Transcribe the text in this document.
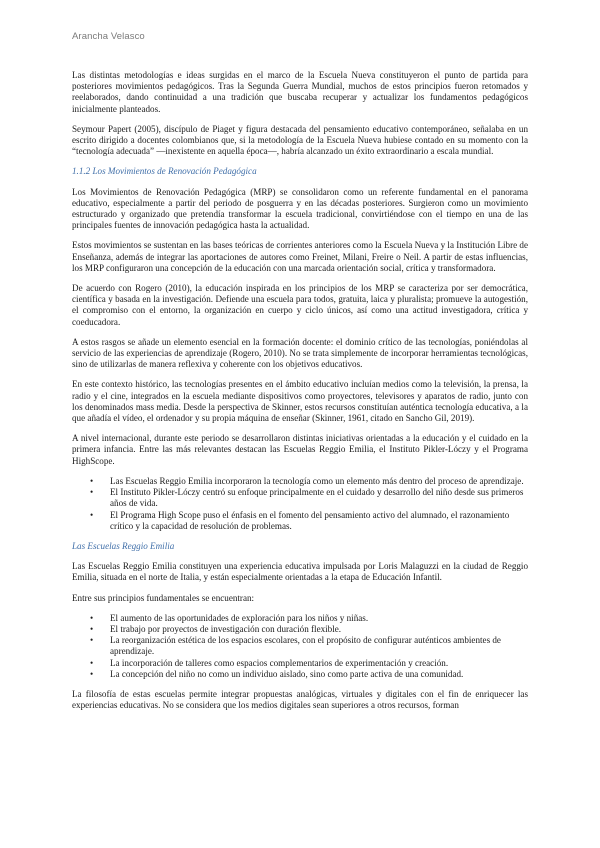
Arancha Velasco

Las distintas metodologías e ideas surgidas en el marco de la Escuela Nueva constituyeron el punto de partida para posteriores movimientos pedagógicos. Tras la Segunda Guerra Mundial, muchos de estos principios fueron retomados y reelaborados, dando continuidad a una tradición que buscaba recuperar y actualizar los fundamentos pedagógicos inicialmente planteados.

Seymour Papert (2005), discípulo de Piaget y figura destacada del pensamiento educativo contemporáneo, señalaba en un escrito dirigido a docentes colombianos que, si la metodología de la Escuela Nueva hubiese contado en su momento con la “tecnología adecuada” —inexistente en aquella época—, habría alcanzado un éxito extraordinario a escala mundial.

1.1.2 Los Movimientos de Renovación Pedagógica

Los Movimientos de Renovación Pedagógica (MRP) se consolidaron como un referente fundamental en el panorama educativo, especialmente a partir del periodo de posguerra y en las décadas posteriores. Surgieron como un movimiento estructurado y organizado que pretendía transformar la escuela tradicional, convirtiéndose con el tiempo en una de las principales fuentes de innovación pedagógica hasta la actualidad.

Estos movimientos se sustentan en las bases teóricas de corrientes anteriores como la Escuela Nueva y la Institución Libre de Enseñanza, además de integrar las aportaciones de autores como Freinet, Milani, Freire o Neil. A partir de estas influencias, los MRP configuraron una concepción de la educación con una marcada orientación social, crítica y transformadora.

De acuerdo con Rogero (2010), la educación inspirada en los principios de los MRP se caracteriza por ser democrática, científica y basada en la investigación. Defiende una escuela para todos, gratuita, laica y pluralista; promueve la autogestión, el compromiso con el entorno, la organización en cuerpo y ciclo únicos, así como una actitud investigadora, crítica y coeducadora.

A estos rasgos se añade un elemento esencial en la formación docente: el dominio crítico de las tecnologías, poniéndolas al servicio de las experiencias de aprendizaje (Rogero, 2010). No se trata simplemente de incorporar herramientas tecnológicas, sino de utilizarlas de manera reflexiva y coherente con los objetivos educativos.

En este contexto histórico, las tecnologías presentes en el ámbito educativo incluían medios como la televisión, la prensa, la radio y el cine, integrados en la escuela mediante dispositivos como proyectores, televisores y aparatos de radio, junto con los denominados mass media. Desde la perspectiva de Skinner, estos recursos constituían auténtica tecnología educativa, a la que añadía el vídeo, el ordenador y su propia máquina de enseñar (Skinner, 1961, citado en Sancho Gil, 2019).

A nivel internacional, durante este periodo se desarrollaron distintas iniciativas orientadas a la educación y el cuidado en la primera infancia. Entre las más relevantes destacan las Escuelas Reggio Emilia, el Instituto Pikler-Lóczy y el Programa HighScope.

• Las Escuelas Reggio Emilia incorporaron la tecnología como un elemento más dentro del proceso de aprendizaje.
• El Instituto Pikler-Lóczy centró su enfoque principalmente en el cuidado y desarrollo del niño desde sus primeros años de vida.
• El Programa High Scope puso el énfasis en el fomento del pensamiento activo del alumnado, el razonamiento crítico y la capacidad de resolución de problemas.
Las Escuelas Reggio Emilia

Las Escuelas Reggio Emilia constituyen una experiencia educativa impulsada por Loris Malaguzzi en la ciudad de Reggio Emilia, situada en el norte de Italia, y están especialmente orientadas a la etapa de Educación Infantil.

Entre sus principios fundamentales se encuentran:

• El aumento de las oportunidades de exploración para los niños y niñas.
• El trabajo por proyectos de investigación con duración flexible.
• La reorganización estética de los espacios escolares, con el propósito de configurar auténticos ambientes de aprendizaje.
• La incorporación de talleres como espacios complementarios de experimentación y creación.
• La concepción del niño no como un individuo aislado, sino como parte activa de una comunidad.

La filosofía de estas escuelas permite integrar propuestas analógicas, virtuales y digitales con el fin de enriquecer las experiencias educativas. No se considera que los medios digitales sean superiores a otros recursos, forman
